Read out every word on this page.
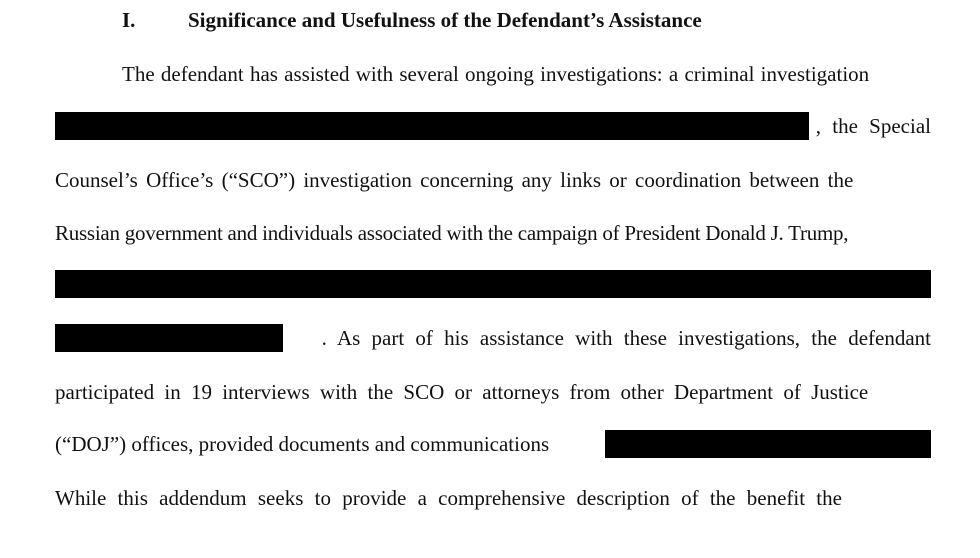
I.	Significance and Usefulness of the Defendant’s Assistance
The defendant has assisted with several ongoing investigations: a criminal investigation
, the Special
Counsel’s Office’s (“SCO”) investigation concerning any links or coordination between the
Russian government and individuals associated with the campaign of President Donald J. Trump,
. As part of his assistance with these investigations, the defendant
participated in 19 interviews with the SCO or attorneys from other Department of Justice
(“DOJ”) offices, provided documents and communications
While this addendum seeks to provide a comprehensive description of the benefit the
